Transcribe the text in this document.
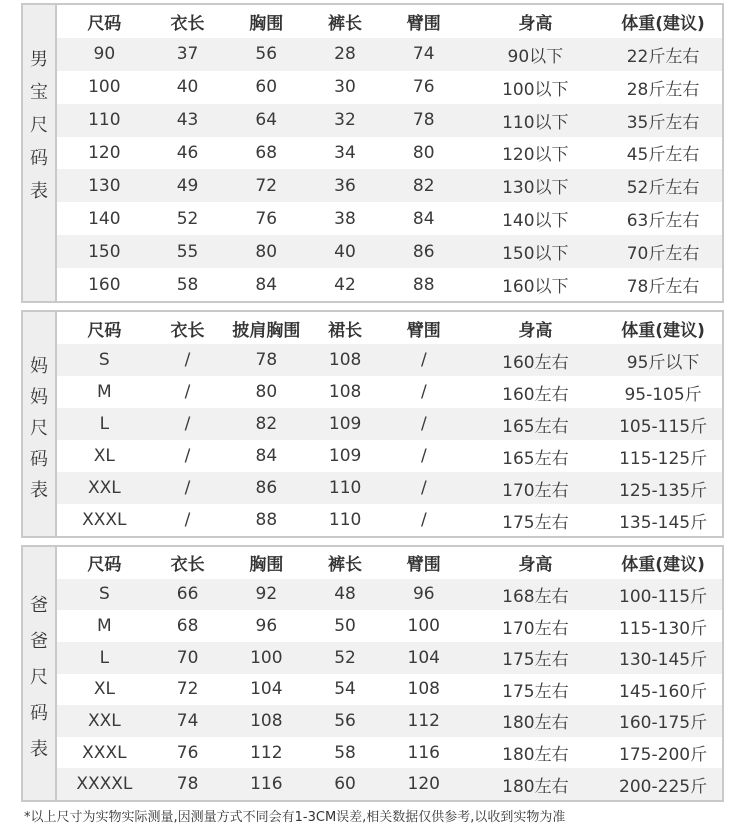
男
宝
尺
码
表
尺码	衣长	胸围	裤长	臂围	身高	体重(建议)
90	37	56	28	74	90以下	22斤左右
100	40	60	30	76	100以下	28斤左右
110	43	64	32	78	110以下	35斤左右
120	46	68	34	80	120以下	45斤左右
130	49	72	36	82	130以下	52斤左右
140	52	76	38	84	140以下	63斤左右
150	55	80	40	86	150以下	70斤左右
160	58	84	42	88	160以下	78斤左右
妈
妈
尺
码
表
尺码	衣长	披肩胸围	裙长	臂围	身高	体重(建议)
S	/	78	108	/	160左右	95斤以下
M	/	80	108	/	160左右	95-105斤
L	/	82	109	/	165左右	105-115斤
XL	/	84	109	/	165左右	115-125斤
XXL	/	86	110	/	170左右	125-135斤
XXXL	/	88	110	/	175左右	135-145斤
爸
爸
尺
码
表
尺码	衣长	胸围	裤长	臂围	身高	体重(建议)
S	66	92	48	96	168左右	100-115斤
M	68	96	50	100	170左右	115-130斤
L	70	100	52	104	175左右	130-145斤
XL	72	104	54	108	175左右	145-160斤
XXL	74	108	56	112	180左右	160-175斤
XXXL	76	112	58	116	180左右	175-200斤
XXXXL	78	116	60	120	180左右	200-225斤
*以上尺寸为实物实际测量,因测量方式不同会有1-3CM误差,相关数据仅供参考,以收到实物为准
